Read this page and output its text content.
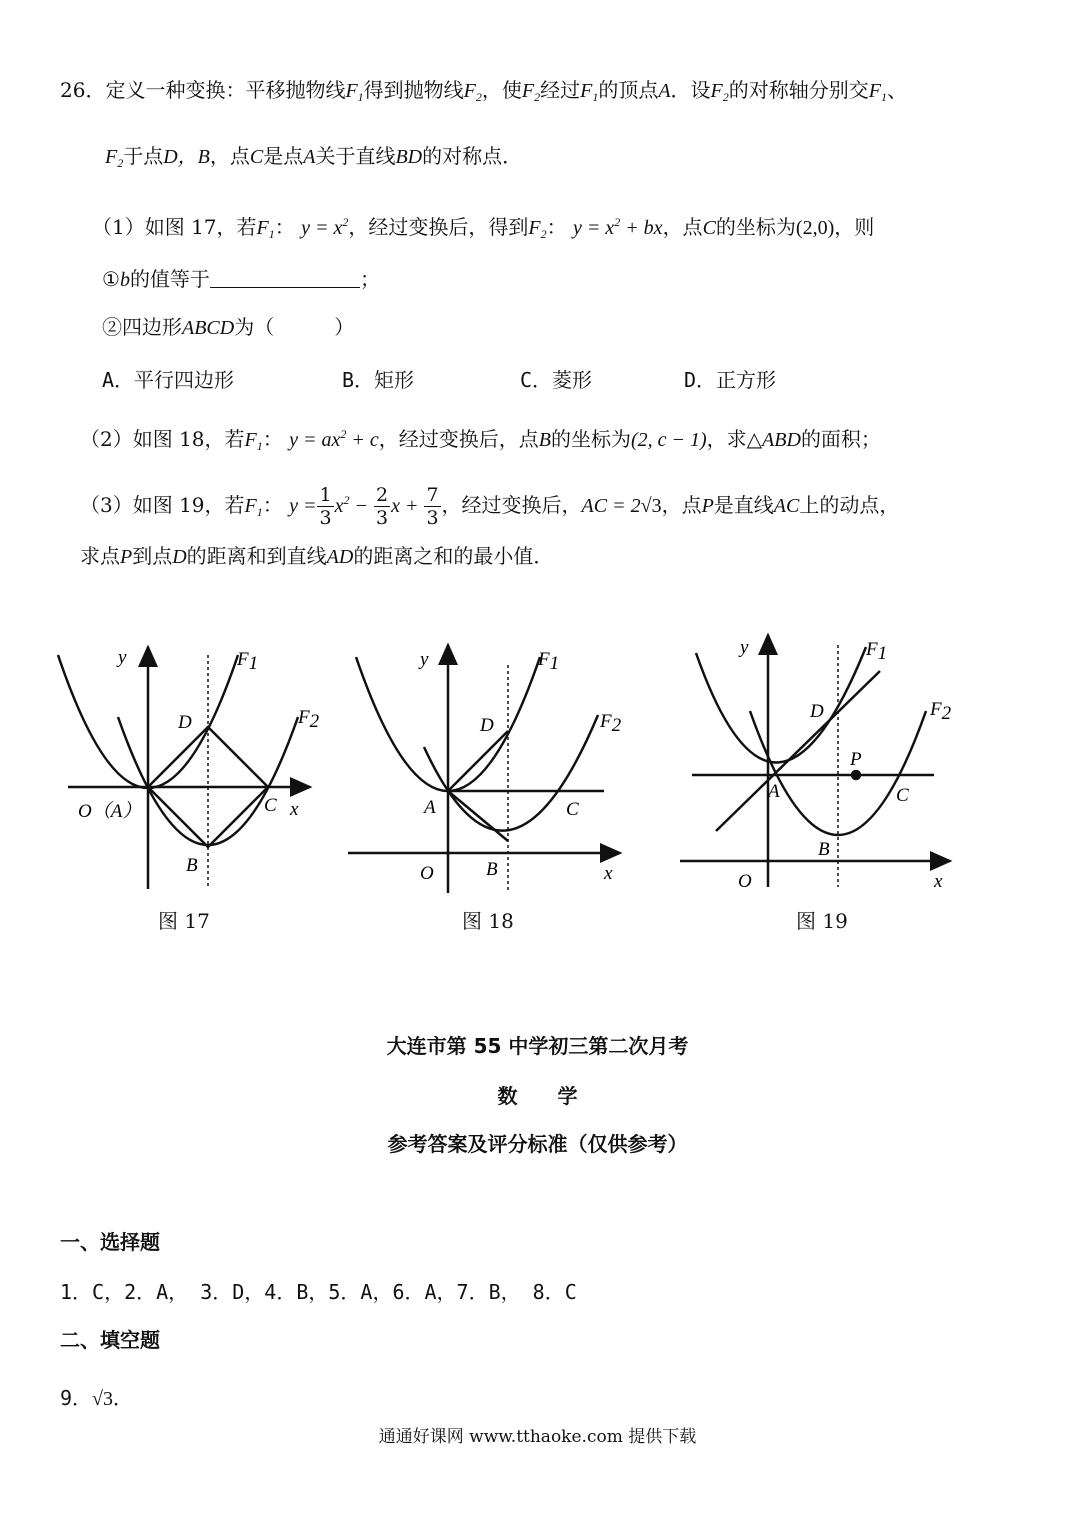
26．定义一种变换：平移抛物线$F_1$得到抛物线$F_2$，使$F_2$经过$F_1$的顶点A．设$F_2$的对称轴分别交$F_1$、
$F_2$于点D，B，点C是点A关于直线BD的对称点．
（1）如图 17，若$F_1$： $y = x^2$，经过变换后，得到$F_2$： $y = x^2$ + bx，点C的坐标为(2,0)，则
①b的值等于	；
②四边形ABCD为（　　　）
A．平行四边形	B．矩形	C．菱形	D．正方形
（2）如图 18，若$F_1$： $y = ax^2 + c$，经过变换后，点B的坐标为(2, c − 1)，求△ABD的面积；
（3）如图 19，若$F_1$： $y = \frac{1}{3} x^2 - \frac{2}{3}$ $x + \frac{7}{3}$ ，经过变换后，AC = 2√3，点P是直线AC上的动点，
求点P到点D的距离和到直线AD的距离之和的最小值．
y
x
O（A）
D
B
C
F1
F2
y
x
O
A
D
B
C
F1
F2
y
x
O
A
D
B
C
P
F1
F2
图 17	图 18	图 19
大连市第 55 中学初三第二次月考
数　　学
参考答案及评分标准（仅供参考）
一、选择题
1．C，2．A， 3．D，4．B，5．A，6．A，7．B， 8．C
二、填空题
9．√3．
通通好课网 www.tthaoke.com 提供下载
